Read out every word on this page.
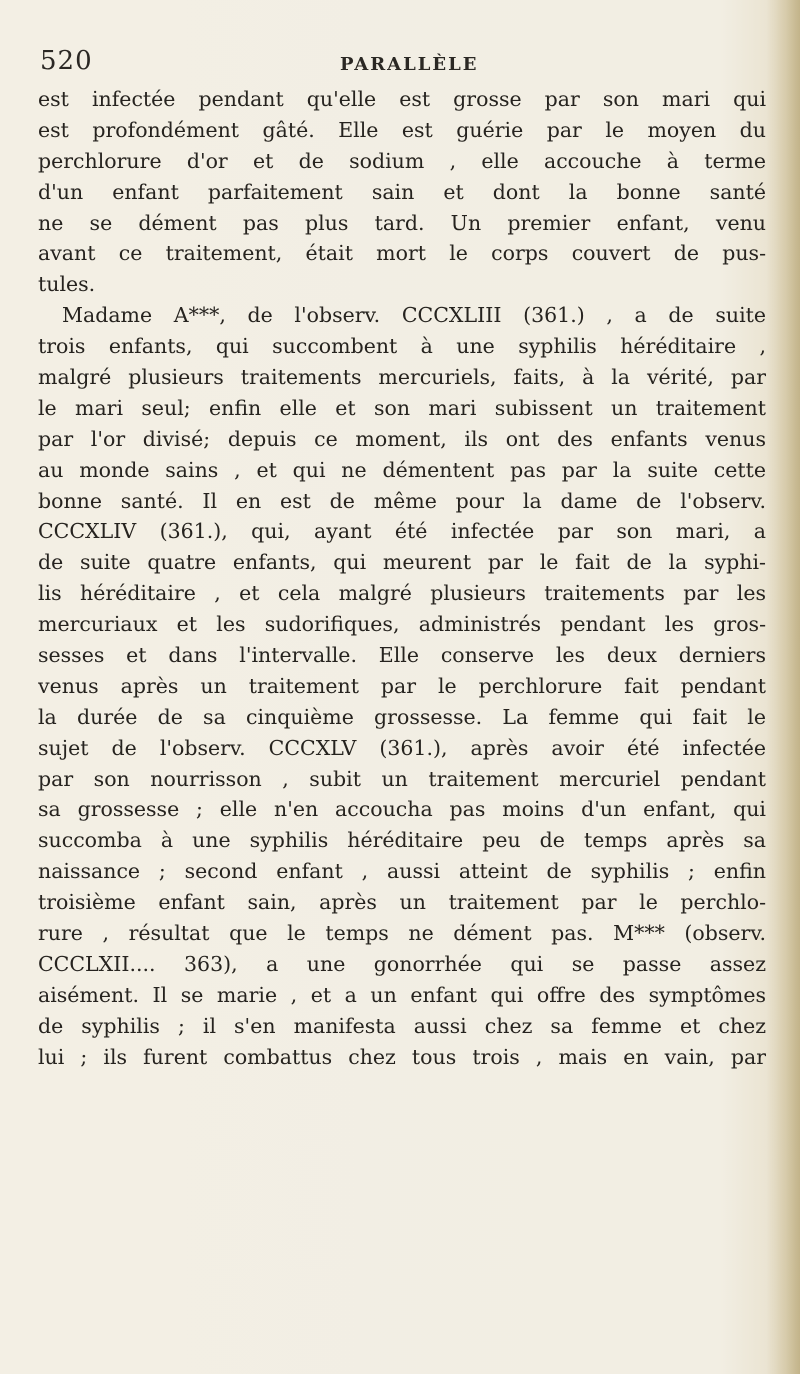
520	PARALLÈLE
est infectée pendant qu'elle est grosse par son mari qui
est profondément gâté. Elle est guérie par le moyen du
perchlorure d'or et de sodium , elle accouche à terme
d'un enfant parfaitement sain et dont la bonne santé
ne se dément pas plus tard. Un premier enfant, venu
avant ce traitement, était mort le corps couvert de pus-
tules.
Madame A***, de l'observ. CCCXLIII (361.) , a de suite
trois enfants, qui succombent à une syphilis héréditaire ,
malgré plusieurs traitements mercuriels, faits, à la vérité, par
le mari seul; enfin elle et son mari subissent un traitement
par l'or divisé; depuis ce moment, ils ont des enfants venus
au monde sains , et qui ne démentent pas par la suite cette
bonne santé. Il en est de même pour la dame de l'observ.
CCCXLIV (361.), qui, ayant été infectée par son mari, a
de suite quatre enfants, qui meurent par le fait de la syphi-
lis héréditaire , et cela malgré plusieurs traitements par les
mercuriaux et les sudorifiques, administrés pendant les gros-
sesses et dans l'intervalle. Elle conserve les deux derniers
venus après un traitement par le perchlorure fait pendant
la durée de sa cinquième grossesse. La femme qui fait le
sujet de l'observ. CCCXLV (361.), après avoir été infectée
par son nourrisson , subit un traitement mercuriel pendant
sa grossesse ; elle n'en accoucha pas moins d'un enfant, qui
succomba à une syphilis héréditaire peu de temps après sa
naissance ; second enfant , aussi atteint de syphilis ; enfin
troisième enfant sain, après un traitement par le perchlo-
rure , résultat que le temps ne dément pas. M*** (observ.
CCCLXII.... 363), a une gonorrhée qui se passe assez
aisément. Il se marie , et a un enfant qui offre des symptômes
de syphilis ; il s'en manifesta aussi chez sa femme et chez
lui ; ils furent combattus chez tous trois , mais en vain, par
